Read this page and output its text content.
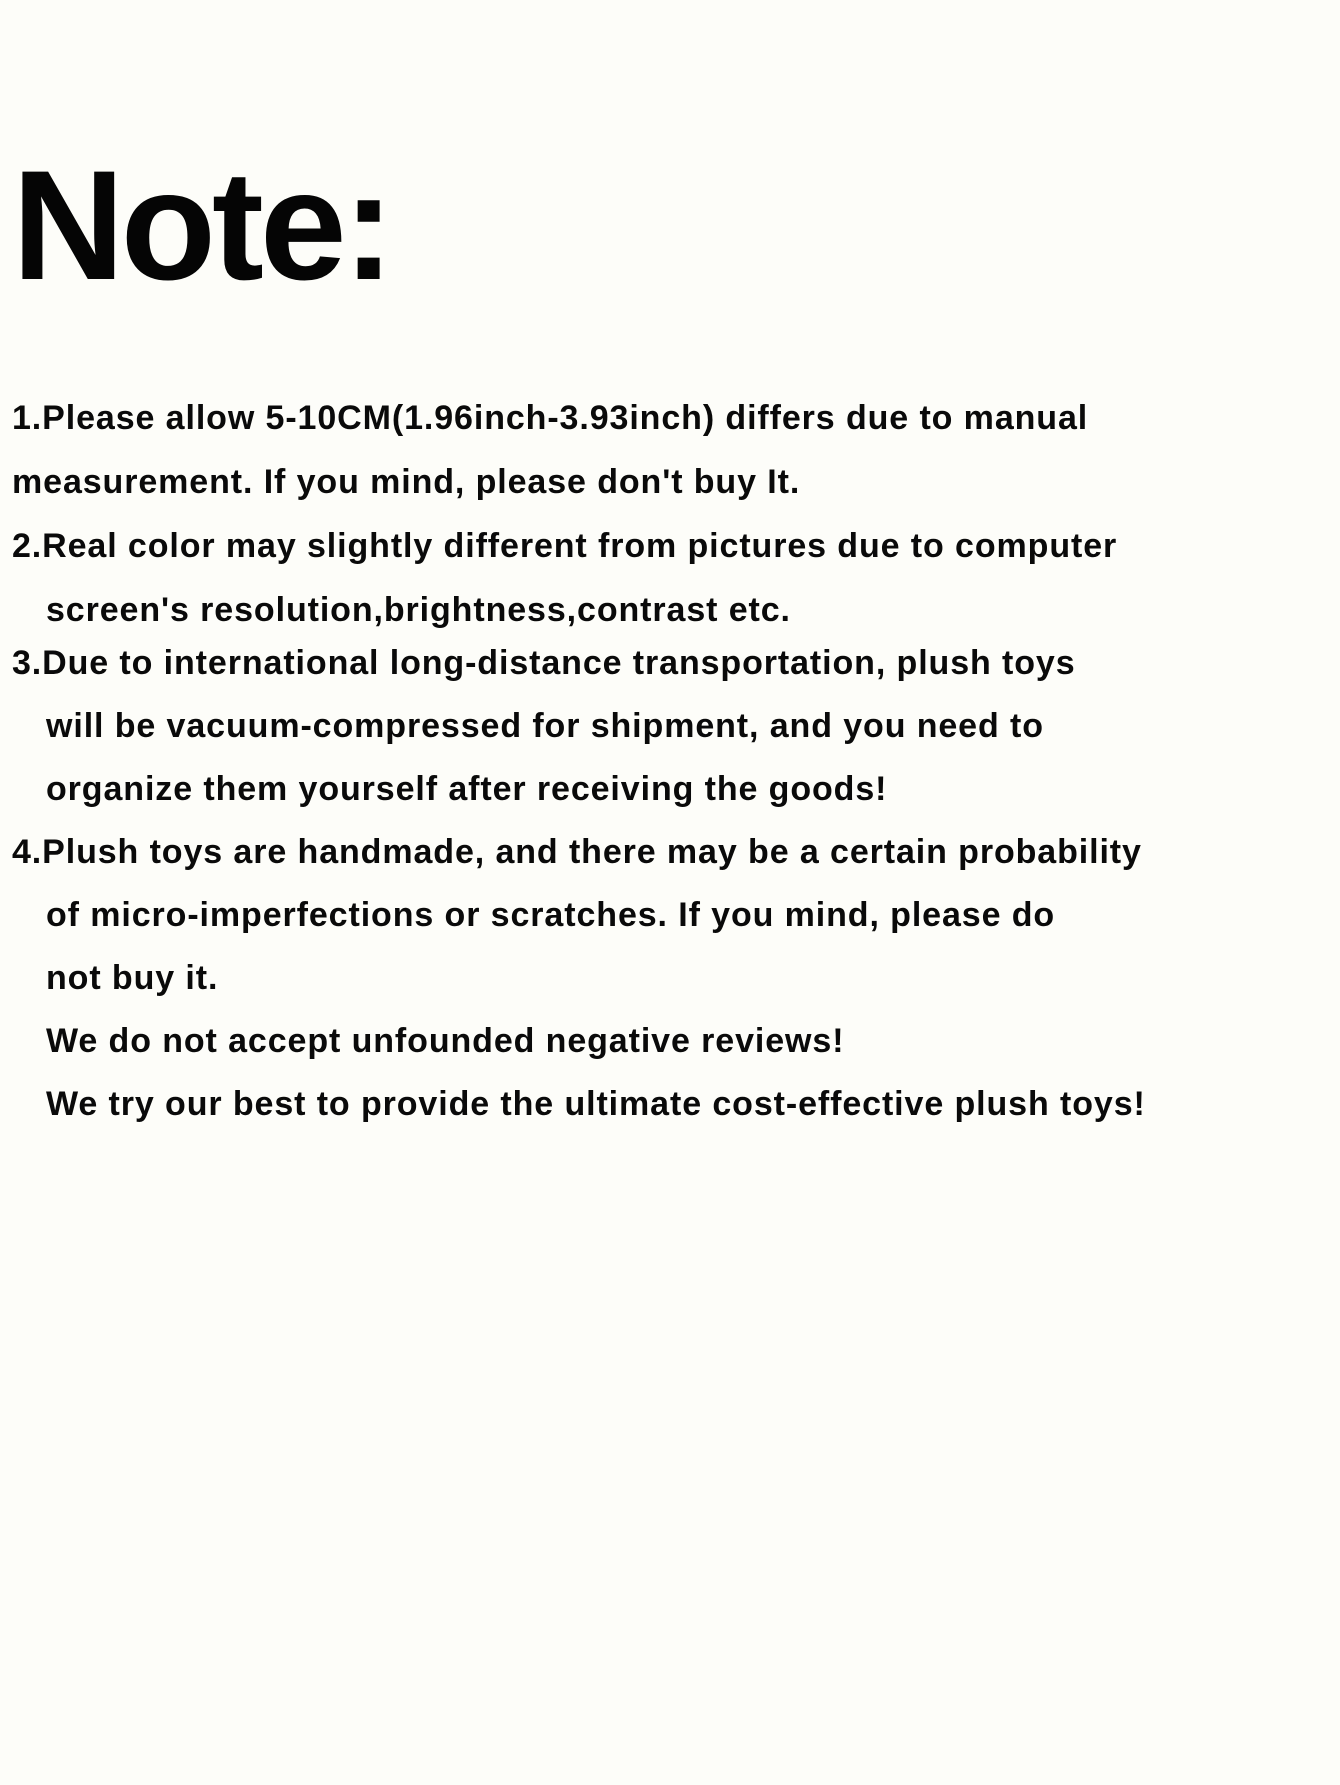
Note:

1.Please allow 5-10CM(1.96inch-3.93inch) differs due to manual

measurement. If you mind, please don't buy It.

2.Real color may slightly different from pictures due to computer

screen's resolution,brightness,contrast etc.

3.Due to international long-distance transportation, plush toys

will be vacuum-compressed for shipment, and you need to

organize them yourself after receiving the goods!

4.Plush toys are handmade, and there may be a certain probability

of micro-imperfections or scratches. If you mind, please do

not buy it.

We do not accept unfounded negative reviews!

We try our best to provide the ultimate cost-effective plush toys!
